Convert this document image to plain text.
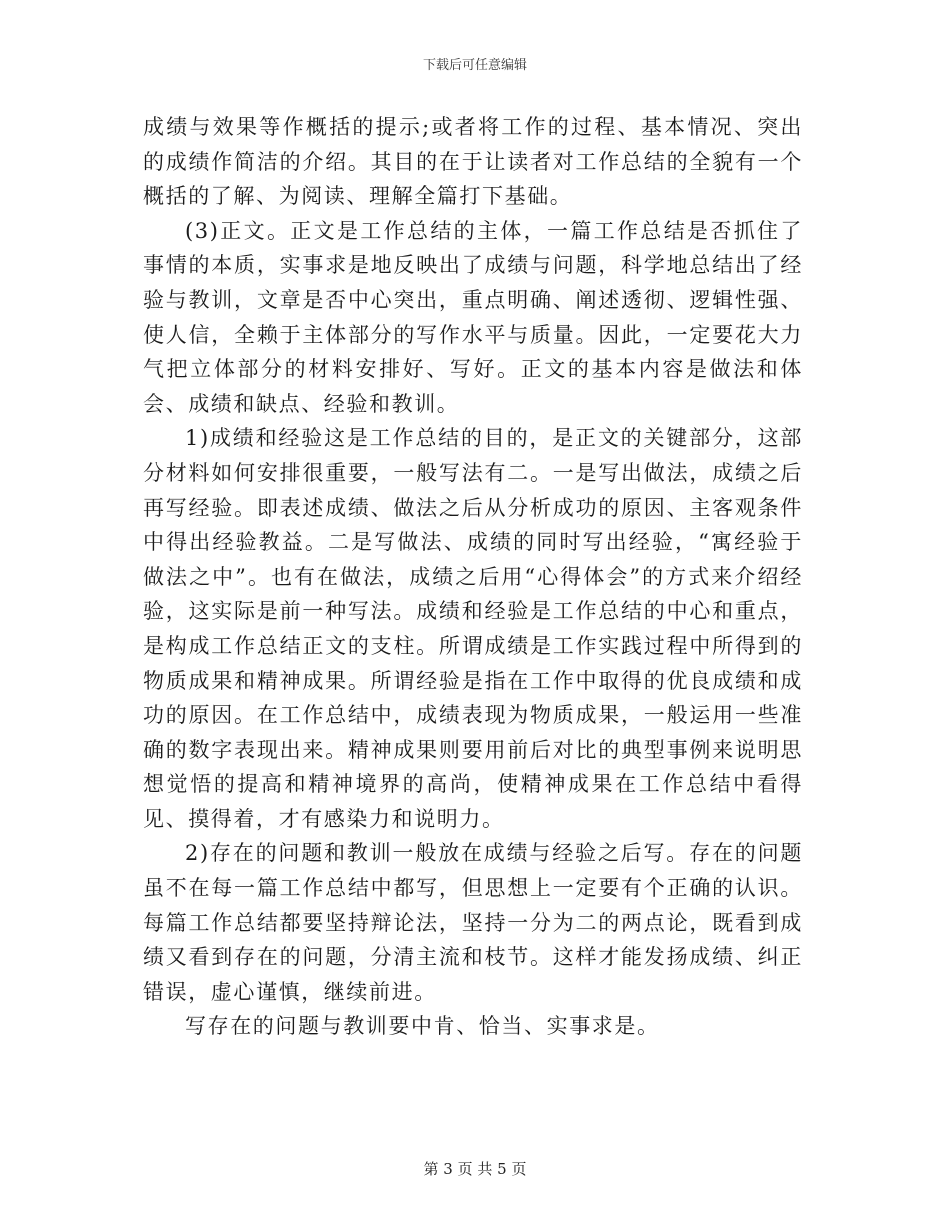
下载后可任意编辑

成绩与效果等作概括的提示;或者将工作的过程、基本情况、突出的成绩作简洁的介绍。其目的在于让读者对工作总结的全貌有一个概括的了解、为阅读、理解全篇打下基础。

(3)正文。正文是工作总结的主体，一篇工作总结是否抓住了事情的本质，实事求是地反映出了成绩与问题，科学地总结出了经验与教训，文章是否中心突出，重点明确、阐述透彻、逻辑性强、使人信，全赖于主体部分的写作水平与质量。因此，一定要花大力气把立体部分的材料安排好、写好。正文的基本内容是做法和体会、成绩和缺点、经验和教训。

1)成绩和经验这是工作总结的目的，是正文的关键部分，这部分材料如何安排很重要，一般写法有二。一是写出做法，成绩之后再写经验。即表述成绩、做法之后从分析成功的原因、主客观条件中得出经验教益。二是写做法、成绩的同时写出经验，“寓经验于做法之中”。也有在做法，成绩之后用“心得体会”的方式来介绍经验，这实际是前一种写法。成绩和经验是工作总结的中心和重点，是构成工作总结正文的支柱。所谓成绩是工作实践过程中所得到的物质成果和精神成果。所谓经验是指在工作中取得的优良成绩和成功的原因。在工作总结中，成绩表现为物质成果，一般运用一些准确的数字表现出来。精神成果则要用前后对比的典型事例来说明思想觉悟的提高和精神境界的高尚，使精神成果在工作总结中看得见、摸得着，才有感染力和说明力。

2)存在的问题和教训一般放在成绩与经验之后写。存在的问题虽不在每一篇工作总结中都写，但思想上一定要有个正确的认识。每篇工作总结都要坚持辩论法，坚持一分为二的两点论，既看到成绩又看到存在的问题，分清主流和枝节。这样才能发扬成绩、纠正错误，虚心谨慎，继续前进。

写存在的问题与教训要中肯、恰当、实事求是。

第 3 页 共 5 页
